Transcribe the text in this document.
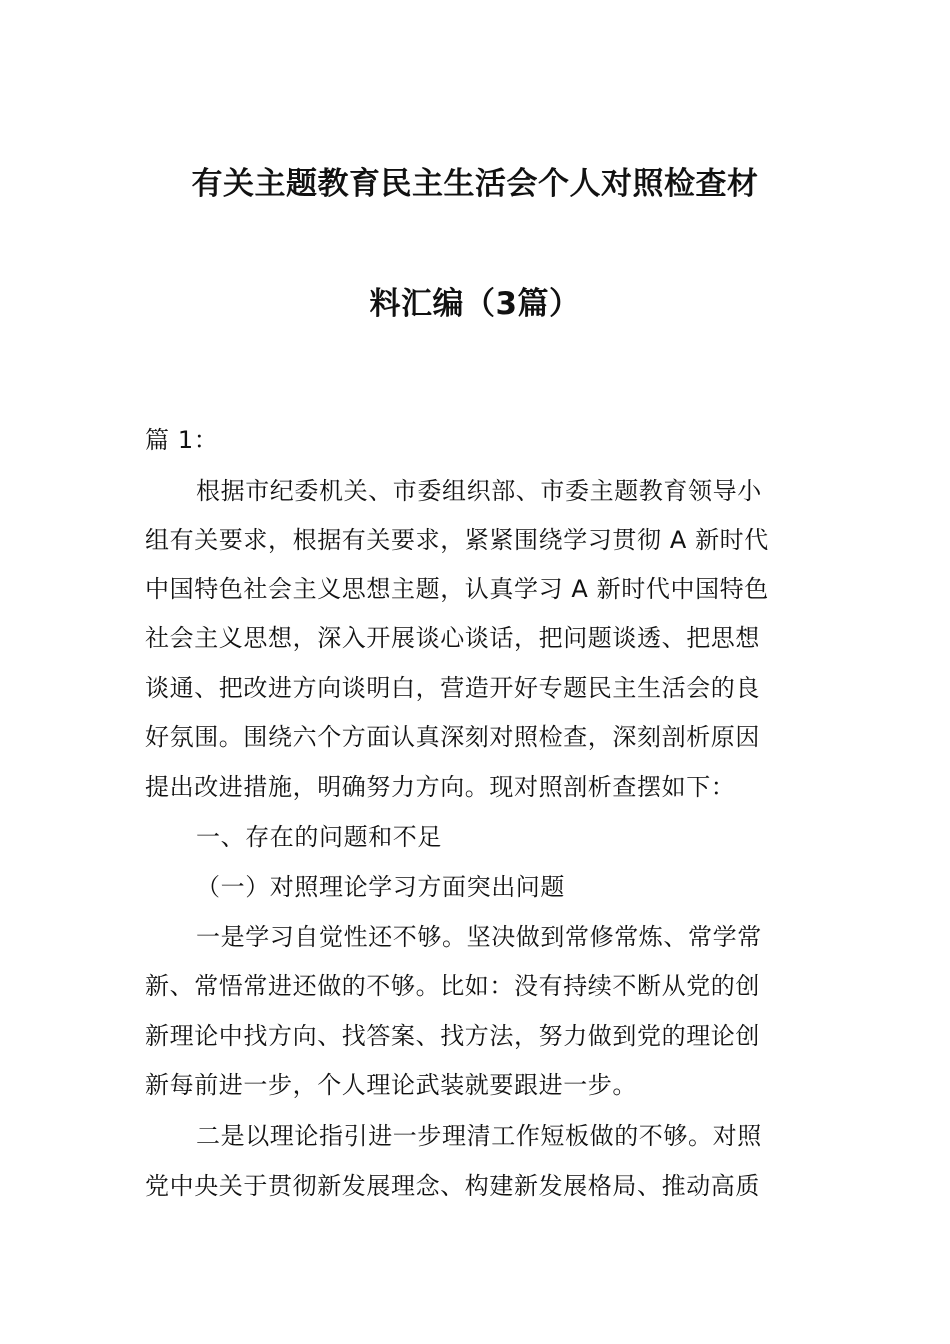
有关主题教育民主生活会个人对照检查材
料汇编（3篇）
篇 1：
根据市纪委机关、市委组织部、市委主题教育领导小
组有关要求，根据有关要求，紧紧围绕学习贯彻 A 新时代
中国特色社会主义思想主题，认真学习 A 新时代中国特色
社会主义思想，深入开展谈心谈话，把问题谈透、把思想
谈通、把改进方向谈明白，营造开好专题民主生活会的良
好氛围。围绕六个方面认真深刻对照检查，深刻剖析原因
提出改进措施，明确努力方向。现对照剖析查摆如下：
一、存在的问题和不足
（一）对照理论学习方面突出问题
一是学习自觉性还不够。坚决做到常修常炼、常学常
新、常悟常进还做的不够。比如：没有持续不断从党的创
新理论中找方向、找答案、找方法，努力做到党的理论创
新每前进一步，个人理论武装就要跟进一步。
二是以理论指引进一步理清工作短板做的不够。对照
党中央关于贯彻新发展理念、构建新发展格局、推动高质
